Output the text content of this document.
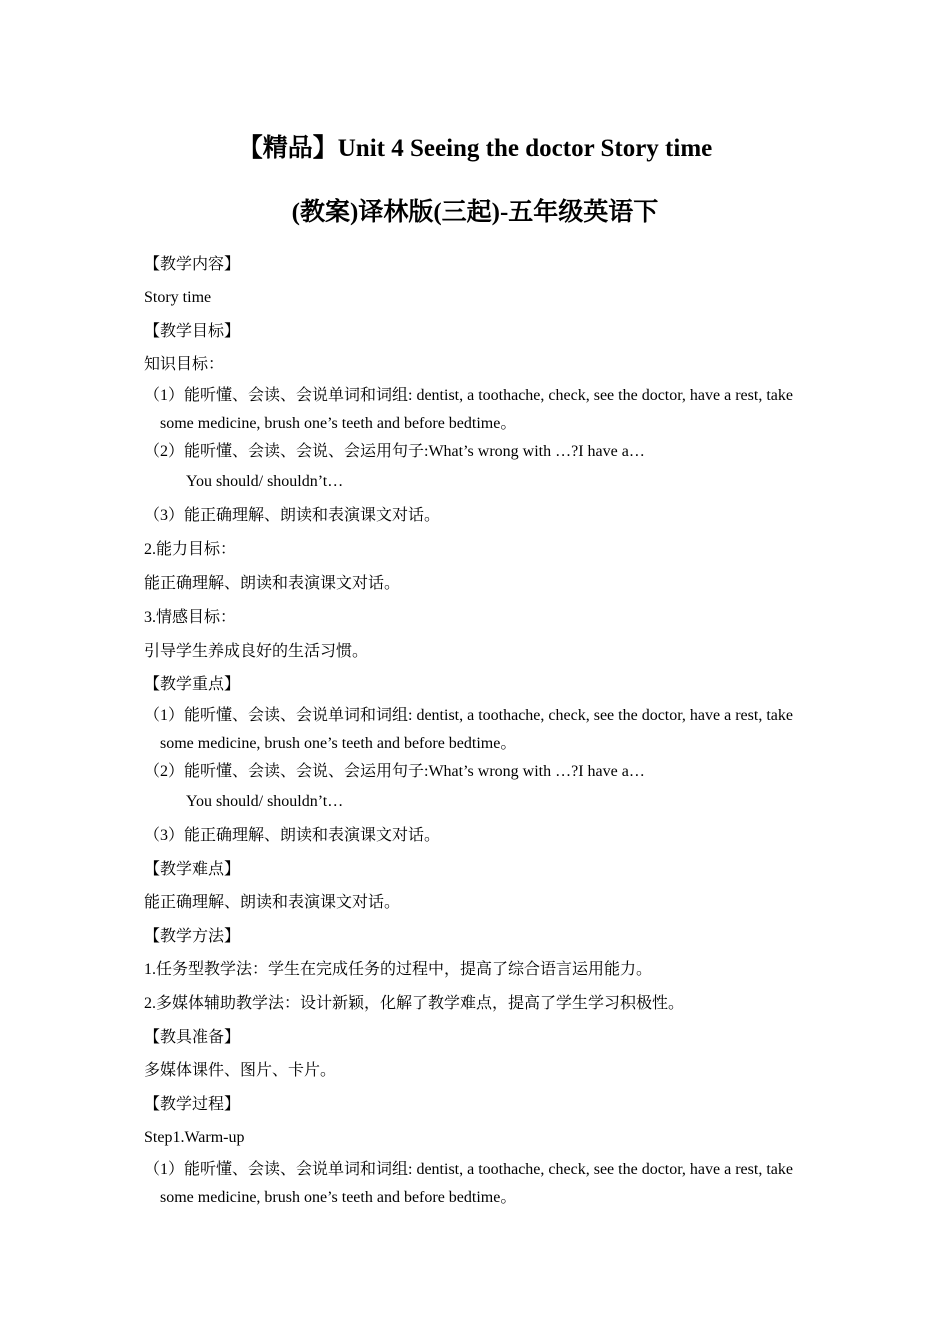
【精品】Unit 4 Seeing the doctor Story time
(教案)译林版(三起)-五年级英语下
【教学内容】
Story time
【教学目标】
知识目标：
（1）能听懂、会读、会说单词和词组: dentist, a toothache, check, see the doctor, have a rest, take
some medicine, brush one’s teeth and before bedtime。
（2）能听懂、会读、会说、会运用句子:What’s wrong with …?I have a…
You should/ shouldn’t…
（3）能正确理解、朗读和表演课文对话。
2.能力目标：
能正确理解、朗读和表演课文对话。
3.情感目标：
引导学生养成良好的生活习惯。
【教学重点】
（1）能听懂、会读、会说单词和词组: dentist, a toothache, check, see the doctor, have a rest, take
some medicine, brush one’s teeth and before bedtime。
（2）能听懂、会读、会说、会运用句子:What’s wrong with …?I have a…
You should/ shouldn’t…
（3）能正确理解、朗读和表演课文对话。
【教学难点】
能正确理解、朗读和表演课文对话。
【教学方法】
1.任务型教学法：学生在完成任务的过程中，提高了综合语言运用能力。
2.多媒体辅助教学法：设计新颖，化解了教学难点，提高了学生学习积极性。
【教具准备】
多媒体课件、图片、卡片。
【教学过程】
Step1.Warm-up
（1）能听懂、会读、会说单词和词组: dentist, a toothache, check, see the doctor, have a rest, take
some medicine, brush one’s teeth and before bedtime。
